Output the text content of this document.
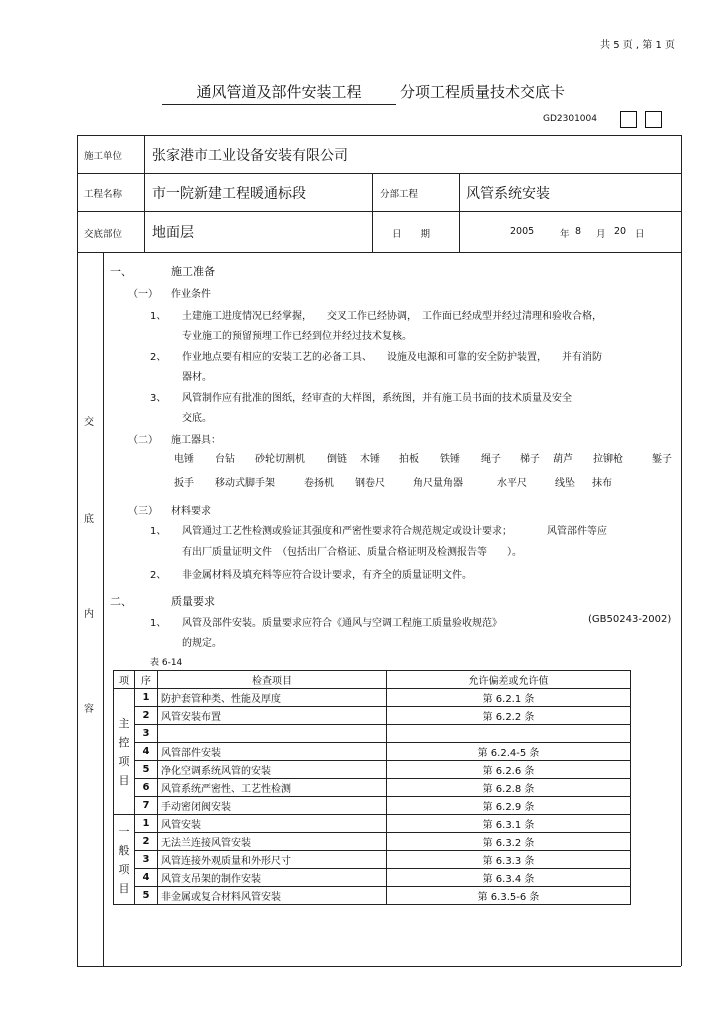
共 5 页 , 第 1 页
通风管道及部件安装工程	分项工程质量技术交底卡
GD2301004
施工单位 张家港市工业设备安装有限公司
工程名称 市一院新建工程暖通标段	分部工程	风管系统安装
交底部位 地面层	日　　期	2005	年 8 月 20 日
交
底
内
容
一、	施工准备
（一） 作业条件
1、 土建施工进度情况已经掌握，　　交叉工作已经协调，　工作面已经成型并经过清理和验收合格，
专业施工的预留预埋工作已经到位并经过技术复核。
2、 作业地点要有相应的安装工艺的必备工具、　　设施及电源和可靠的安全防护装置，　　并有消防
器材。
3、 风管制作应有批准的图纸，经审查的大样图，系统图，并有施工员书面的技术质量及安全
交底。
（二） 施工器具：
电锤 台钻 砂轮切割机 倒链 木锤 拍板 铁锤 绳子 梯子 葫芦 拉铆枪	錾子
扳手 移动式脚手架	卷扬机 钢卷尺	角尺量角器	水平尺	线坠 抹布
（三） 材料要求
1、 风管通过工艺性检测或验证其强度和严密性要求符合规范规定或设计要求；　　　　风管部件等应
有出厂质量证明文件　（包括出厂合格证、质量合格证明及检测报告等　　）。
2、 非金属材料及填充料等应符合设计要求，有齐全的质量证明文件。
二、	质量要求
1、 风管及部件安装。质量要求应符合《通风与空调工程施工质量验收规范》	(GB50243-2002)
的规定。
表 6-14
项	序	检查项目	允许偏差或允许值
主
控
项
目	1	防护套管种类、性能及厚度	第 6.2.1 条
	2	风管安装布置	第 6.2.2 条
	3		
	4	风管部件安装	第 6.2.4-5 条
	5	净化空调系统风管的安装	第 6.2.6 条
	6	风管系统严密性、工艺性检测	第 6.2.8 条
	7	手动密闭阀安装	第 6.2.9 条
一
般
项
目	1	风管安装	第 6.3.1 条
	2	无法兰连接风管安装	第 6.3.2 条
	3	风管连接外观质量和外形尺寸	第 6.3.3 条
	4	风管支吊架的制作安装	第 6.3.4 条
	5	非金属或复合材料风管安装	第 6.3.5-6 条
